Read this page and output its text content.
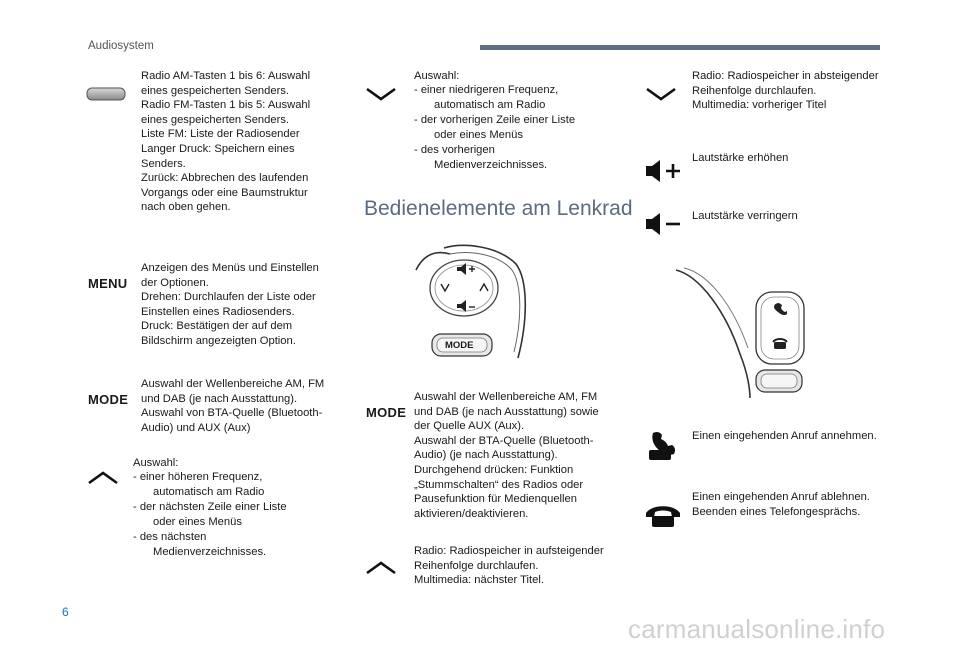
Audiosystem
Radio AM-Tasten 1 bis 6: Auswahl
eines gespeicherten Senders.
Radio FM-Tasten 1 bis 5: Auswahl
eines gespeicherten Senders.
Liste FM: Liste der Radiosender
Langer Druck: Speichern eines
Senders.
Zurück: Abbrechen des laufenden
Vorgangs oder eine Baumstruktur
nach oben gehen.
MENU
Anzeigen des Menüs und Einstellen
der Optionen.
Drehen: Durchlaufen der Liste oder
Einstellen eines Radiosenders.
Druck: Bestätigen der auf dem
Bildschirm angezeigten Option.
MODE
Auswahl der Wellenbereiche AM, FM
und DAB (je nach Ausstattung).
Auswahl von BTA-Quelle (Bluetooth-
Audio) und AUX (Aux)
Auswahl:
- einer höheren Frequenz,
automatisch am Radio
- der nächsten Zeile einer Liste
oder eines Menüs
- des nächsten
Medienverzeichnisses.
Auswahl:
- einer niedrigeren Frequenz,
automatisch am Radio
- der vorherigen Zeile einer Liste
oder eines Menüs
- des vorherigen
Medienverzeichnisses.
Bedienelemente am Lenkrad
MODE
MODE
Auswahl der Wellenbereiche AM, FM
und DAB (je nach Ausstattung) sowie
der Quelle AUX (Aux).
Auswahl der BTA-Quelle (Bluetooth-
Audio) (je nach Ausstattung).
Durchgehend drücken: Funktion
„Stummschalten“ des Radios oder
Pausefunktion für Medienquellen
aktivieren/deaktivieren.
Radio: Radiospeicher in aufsteigender
Reihenfolge durchlaufen.
Multimedia: nächster Titel.
Radio: Radiospeicher in absteigender
Reihenfolge durchlaufen.
Multimedia: vorheriger Titel
Lautstärke erhöhen
Lautstärke verringern
Einen eingehenden Anruf annehmen.
Einen eingehenden Anruf ablehnen.
Beenden eines Telefongesprächs.
6
carmanualsonline.info
